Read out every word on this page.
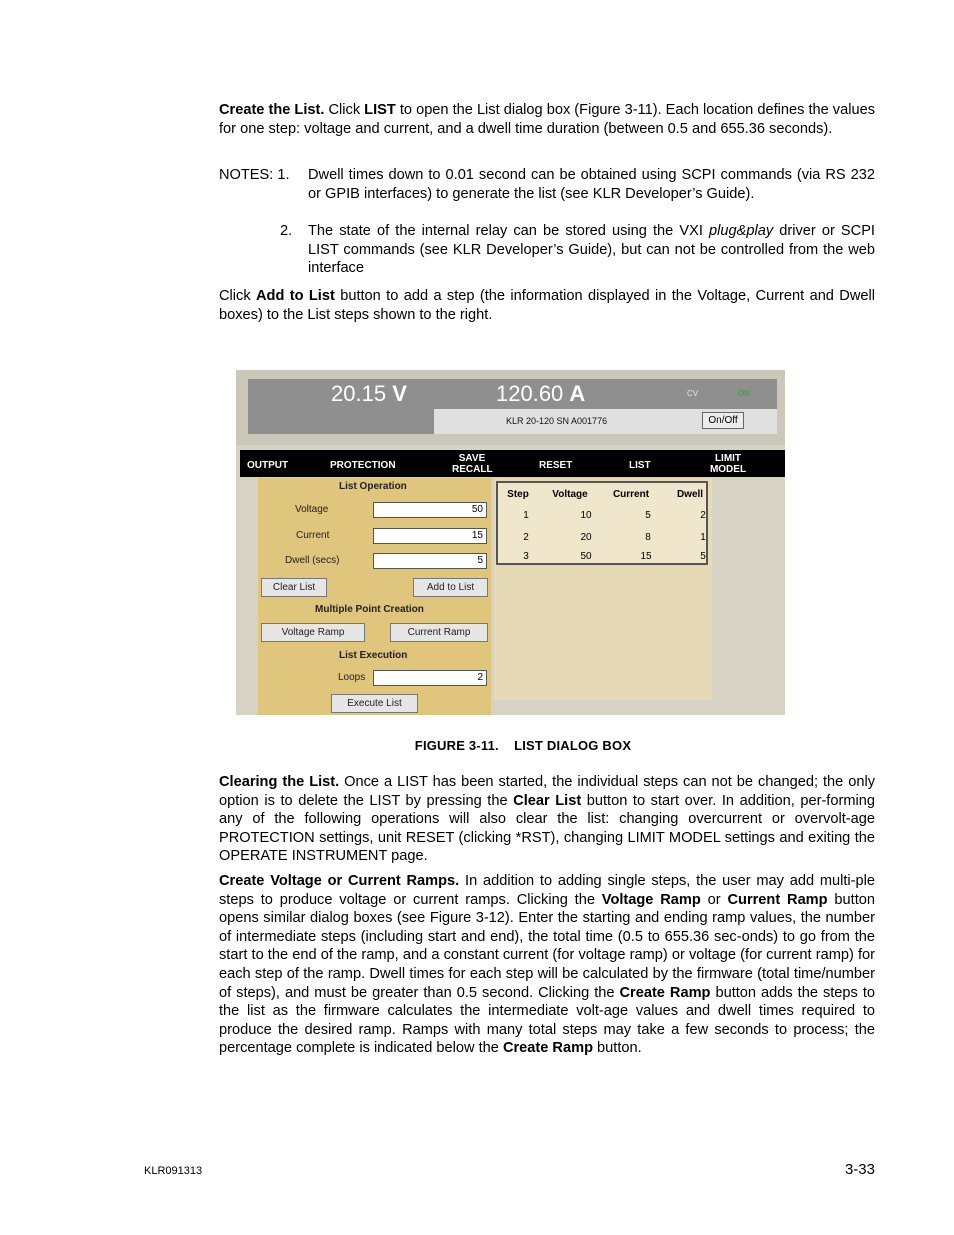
Create the List. Click LIST to open the List dialog box (Figure 3-11). Each location defines the values for one step: voltage and current, and a dwell time duration (between 0.5 and 655.36 seconds).
NOTES: 1. Dwell times down to 0.01 second can be obtained using SCPI commands (via RS 232 or GPIB interfaces) to generate the list (see KLR Developer’s Guide).
2. The state of the internal relay can be stored using the VXI plug&play driver or SCPI LIST commands (see KLR Developer’s Guide), but can not be controlled from the web interface
Click Add to List button to add a step (the information displayed in the Voltage, Current and Dwell boxes) to the List steps shown to the right.
20.15 V	120.60 A	CV	ON
KLR 20-120 SN A001776	On/Off
OUTPUT	PROTECTION
SAVE
RECALL	RESET	LIST
LIMIT
MODEL
List Operation
Voltage	50
Current	15
Dwell (secs)	5
Clear List	Add to List
Multiple Point Creation
Voltage Ramp	Current Ramp
List Execution
Loops	2
Execute List
Step	Voltage	Current	Dwell
1	10	5	2
2	20	8	1
3	50	15	5
FIGURE 3-11.    LIST DIALOG BOX
Clearing the List. Once a LIST has been started, the individual steps can not be changed; the only option is to delete the LIST by pressing the Clear List button to start over. In addition, per-forming any of the following operations will also clear the list: changing overcurrent or overvolt-age PROTECTION settings, unit RESET (clicking *RST), changing LIMIT MODEL settings and exiting the OPERATE INSTRUMENT page.
Create Voltage or Current Ramps. In addition to adding single steps, the user may add multi-ple steps to produce voltage or current ramps. Clicking the Voltage Ramp or Current Ramp button opens similar dialog boxes (see Figure 3-12). Enter the starting and ending ramp values, the number of intermediate steps (including start and end), the total time (0.5 to 655.36 sec-onds) to go from the start to the end of the ramp, and a constant current (for voltage ramp) or voltage (for current ramp) for each step of the ramp. Dwell times for each step will be calculated by the firmware (total time/number of steps), and must be greater than 0.5 second. Clicking the Create Ramp button adds the steps to the list as the firmware calculates the intermediate volt-age values and dwell times required to produce the desired ramp. Ramps with many total steps may take a few seconds to process; the percentage complete is indicated below the Create Ramp button.
KLR091313	3-33
